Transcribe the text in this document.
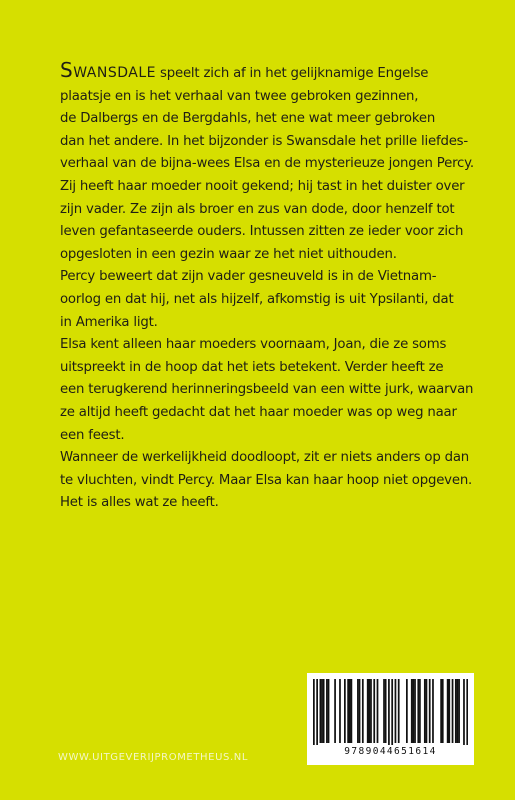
Swansdale speelt zich af in het gelijknamige Engelse
plaatsje en is het verhaal van twee gebroken gezinnen,
de Dalbergs en de Bergdahls, het ene wat meer gebroken
dan het andere. In het bijzonder is Swansdale het prille liefdes-
verhaal van de bijna-wees Elsa en de mysterieuze jongen Percy.
Zij heeft haar moeder nooit gekend; hij tast in het duister over
zijn vader. Ze zijn als broer en zus van dode, door henzelf tot
leven gefantaseerde ouders. Intussen zitten ze ieder voor zich
opgesloten in een gezin waar ze het niet uithouden.

Percy beweert dat zijn vader gesneuveld is in de Vietnam-
oorlog en dat hij, net als hijzelf, afkomstig is uit Ypsilanti, dat
in Amerika ligt.

Elsa kent alleen haar moeders voornaam, Joan, die ze soms
uitspreekt in de hoop dat het iets betekent. Verder heeft ze
een terugkerend herinneringsbeeld van een witte jurk, waarvan
ze altijd heeft gedacht dat het haar moeder was op weg naar
een feest.

Wanneer de werkelijkheid doodloopt, zit er niets anders op dan
te vluchten, vindt Percy. Maar Elsa kan haar hoop niet opgeven.
Het is alles wat ze heeft.

WWW.UITGEVERIJPROMETHEUS.NL
9789044651614
